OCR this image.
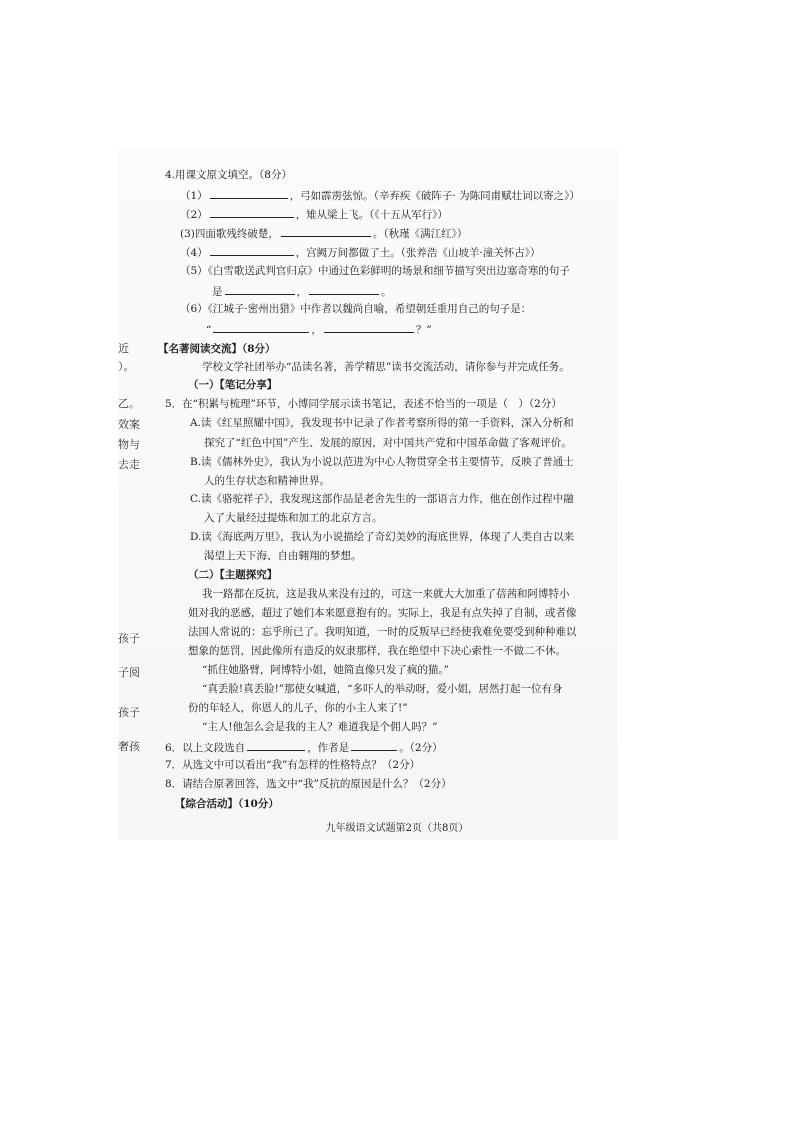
近
）。
乙。
效案
物与
去走
孩子
子阅
孩子
奢孩
4.用课文原文填空。（8分）
（1）	，弓如霹雳弦惊。（辛弃疾《破阵子· 为陈同甫赋壮词以寄之》）
（2）	，雉从梁上飞。（《十五从军行》）
(3)四面歌残终破楚，	。（秋瑾《满江红》）
（4）	，宫阙万间都做了土。（张养浩《山坡羊·潼关怀古》）
（5）《白雪歌送武判官归京》中通过色彩鲜明的场景和细节描写突出边塞奇寒的句子
是	，	。
（6）《江城子·密州出猎》中作者以魏尚自喻，希望朝廷重用自己的句子是：
“	，	？”
【名著阅读交流】（8分）
学校文学社团举办“品读名著，善学精思”读书交流活动，请你参与并完成任务。
（一）【笔记分享】
5．在“积累与梳理”环节，小博同学展示读书笔记，表述不恰当的一项是（　）（2分）
A.读《红星照耀中国》，我发现书中记录了作者考察所得的第一手资料，深入分析和
探究了“红色中国”产生、发展的原因，对中国共产党和中国革命做了客观评价。
B.读《儒林外史》，我认为小说以范进为中心人物贯穿全书主要情节，反映了普通士
人的生存状态和精神世界。
C.读《骆驼祥子》，我发现这部作品是老舍先生的一部语言力作，他在创作过程中融
入了大量经过提炼和加工的北京方言。
D.读《海底两万里》，我认为小说描绘了奇幻美妙的海底世界，体现了人类自古以来
渴望上天下海、自由翱翔的梦想。
（二）【主题探究】
我一路都在反抗，这是我从来没有过的，可这一来就大大加重了蓓茜和阿博特小
姐对我的恶感，超过了她们本来愿意抱有的。实际上，我是有点失掉了自制，或者像
法国人常说的：忘乎所已了。我明知道，一时的反叛早已经使我难免要受到种种难以
想象的惩罚，因此像所有造反的奴隶那样，我在绝望中下决心索性一不做二不休。
“抓住她胳臂，阿博特小姐，她简直像只发了疯的猫。”
“真丢脸!真丢脸!”那使女喊道，“多吓人的举动呀，爱小姐，居然打起一位有身
份的年轻人，你恩人的儿子，你的小主人来了!”
“主人!他怎么会是我的主人？难道我是个佣人吗？”
6．以上文段选自	，作者是	。（2分）
7．从选文中可以看出“我”有怎样的性格特点？（2分）
8．请结合原著回答，选文中“我”反抗的原因是什么？（2分）
【综合活动】（10分）
九年级语文试题第2页（共8页）
